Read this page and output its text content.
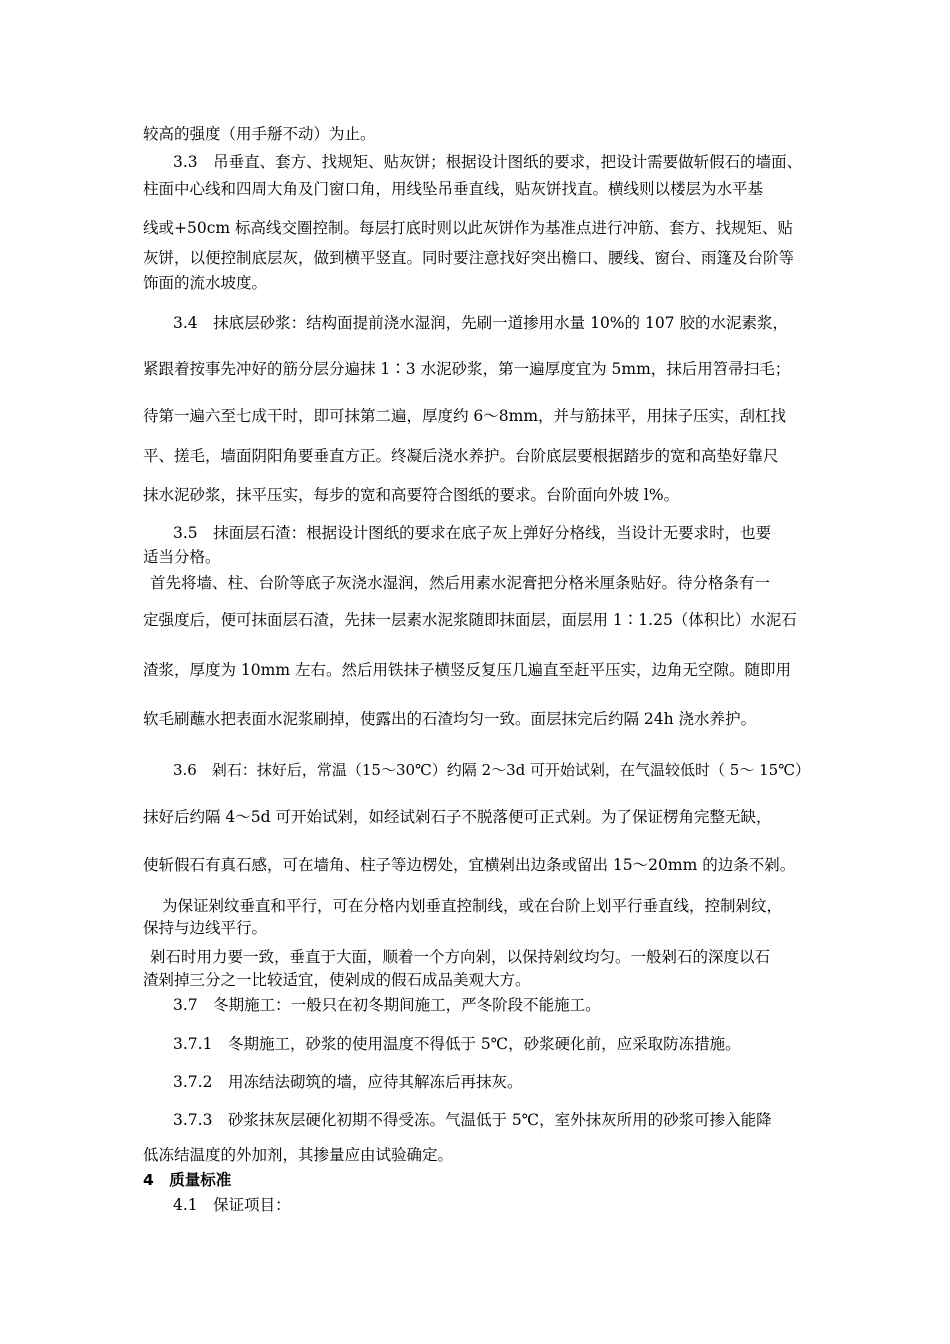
较高的强度（用手掰不动）为止。
3.3　吊垂直、套方、找规矩、贴灰饼；根据设计图纸的要求，把设计需要做斩假石的墙面、
柱面中心线和四周大角及门窗口角，用线坠吊垂直线，贴灰饼找直。横线则以楼层为水平基
线或+50cm 标高线交圈控制。每层打底时则以此灰饼作为基准点进行冲筋、套方、找规矩、贴
灰饼，以便控制底层灰，做到横平竖直。同时要注意找好突出檐口、腰线、窗台、雨篷及台阶等
饰面的流水坡度。
3.4　抹底层砂浆：结构面提前浇水湿润，先刷一道掺用水量 10%的 107 胶的水泥素浆，
紧跟着按事先冲好的筋分层分遍抹 1∶3 水泥砂浆，第一遍厚度宜为 5mm，抹后用笤帚扫毛；
待第一遍六至七成干时，即可抹第二遍，厚度约 6～8mm，并与筋抹平，用抹子压实，刮杠找
平、搓毛，墙面阴阳角要垂直方正。终凝后浇水养护。台阶底层要根据踏步的宽和高垫好靠尺
抹水泥砂浆，抹平压实，每步的宽和高要符合图纸的要求。台阶面向外坡 l%。
3.5　抹面层石渣：根据设计图纸的要求在底子灰上弹好分格线，当设计无要求时，也要
适当分格。
首先将墙、柱、台阶等底子灰浇水湿润，然后用素水泥膏把分格米厘条贴好。待分格条有一
定强度后，便可抹面层石渣，先抹一层素水泥浆随即抹面层，面层用 1∶1.25（体积比）水泥石
渣浆，厚度为 10mm 左右。然后用铁抹子横竖反复压几遍直至赶平压实，边角无空隙。随即用
软毛刷蘸水把表面水泥浆刷掉，使露出的石渣均匀一致。面层抹完后约隔 24h 浇水养护。
3.6　剁石：抹好后，常温（15～30℃）约隔 2～3d 可开始试剁，在气温较低时（ 5～ 15℃）
抹好后约隔 4～5d 可开始试剁，如经试剁石子不脱落便可正式剁。为了保证楞角完整无缺，
使斩假石有真石感，可在墙角、柱子等边楞处，宜横剁出边条或留出 15～20mm 的边条不剁。
为保证剁纹垂直和平行，可在分格内划垂直控制线，或在台阶上划平行垂直线，控制剁纹，
保持与边线平行。
剁石时用力要一致，垂直于大面，顺着一个方向剁，以保持剁纹均匀。一般剁石的深度以石
渣剁掉三分之一比较适宜，使剁成的假石成品美观大方。
3.7　冬期施工：一般只在初冬期间施工，严冬阶段不能施工。
3.7.1　冬期施工，砂浆的使用温度不得低于 5℃，砂浆硬化前，应采取防冻措施。
3.7.2　用冻结法砌筑的墙，应待其解冻后再抹灰。
3.7.3　砂浆抹灰层硬化初期不得受冻。气温低于 5℃，室外抹灰所用的砂浆可掺入能降
低冻结温度的外加剂，其掺量应由试验确定。
4　质量标准
4.1　保证项目：
